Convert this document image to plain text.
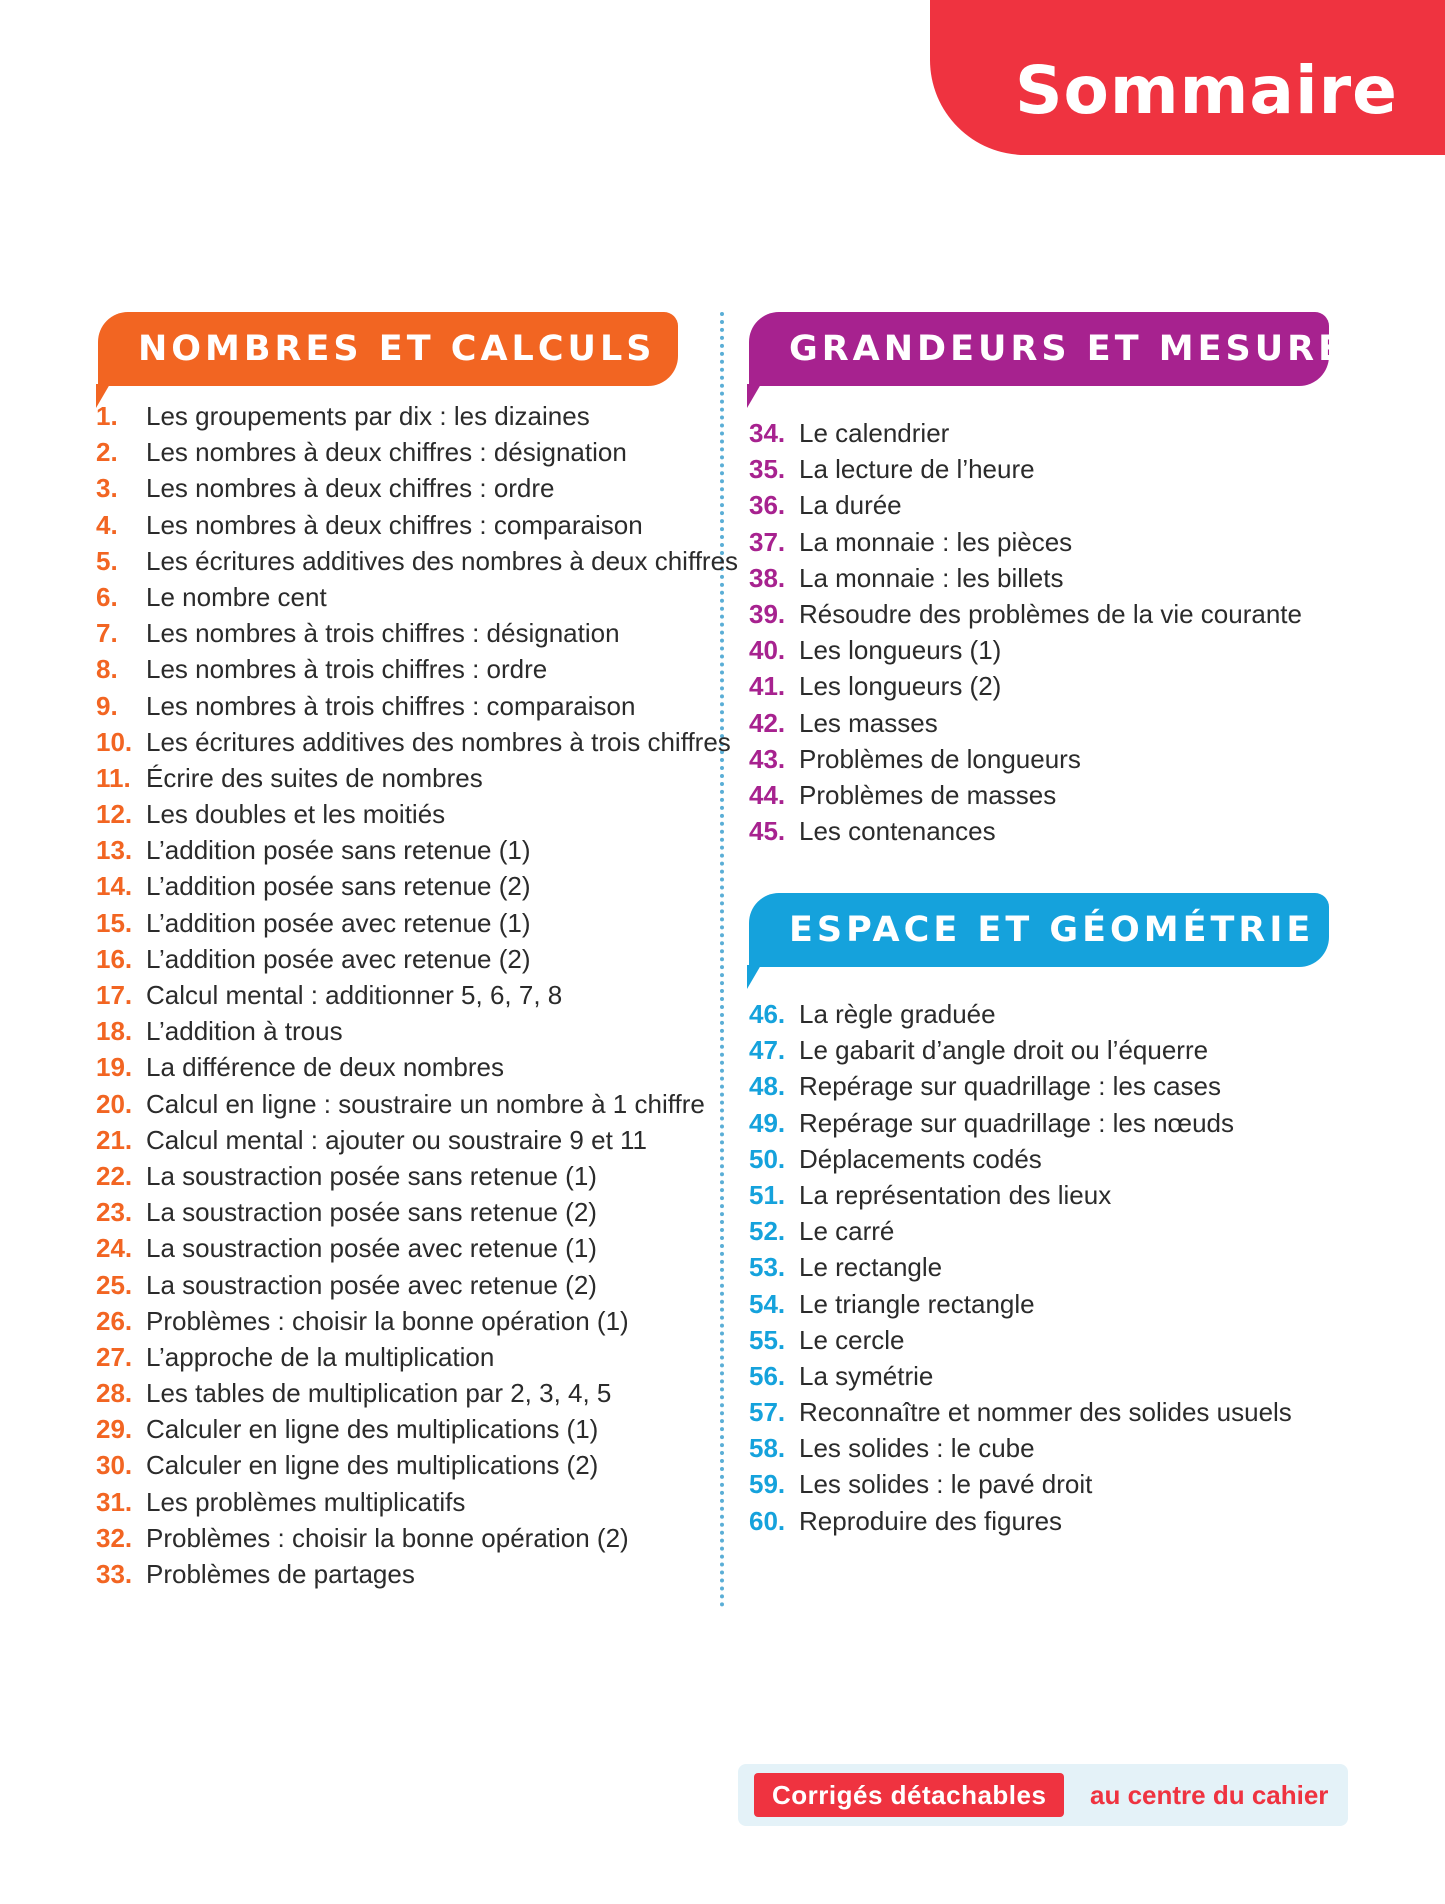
Sommaire
NOMBRES ET CALCULS
1. Les groupements par dix : les dizaines
2. Les nombres à deux chiffres : désignation
3. Les nombres à deux chiffres : ordre
4. Les nombres à deux chiffres : comparaison
5. Les écritures additives des nombres à deux chiffres
6. Le nombre cent
7. Les nombres à trois chiffres : désignation
8. Les nombres à trois chiffres : ordre
9. Les nombres à trois chiffres : comparaison
10. Les écritures additives des nombres à trois chiffres
11. Écrire des suites de nombres
12. Les doubles et les moitiés
13. L’addition posée sans retenue (1)
14. L’addition posée sans retenue (2)
15. L’addition posée avec retenue (1)
16. L’addition posée avec retenue (2)
17. Calcul mental : additionner 5, 6, 7, 8
18. L’addition à trous
19. La différence de deux nombres
20. Calcul en ligne : soustraire un nombre à 1 chiffre
21. Calcul mental : ajouter ou soustraire 9 et 11
22. La soustraction posée sans retenue (1)
23. La soustraction posée sans retenue (2)
24. La soustraction posée avec retenue (1)
25. La soustraction posée avec retenue (2)
26. Problèmes : choisir la bonne opération (1)
27. L’approche de la multiplication
28. Les tables de multiplication par 2, 3, 4, 5
29. Calculer en ligne des multiplications (1)
30. Calculer en ligne des multiplications (2)
31. Les problèmes multiplicatifs
32. Problèmes : choisir la bonne opération (2)
33. Problèmes de partages
GRANDEURS ET MESURES
34. Le calendrier
35. La lecture de l’heure
36. La durée
37. La monnaie : les pièces
38. La monnaie : les billets
39. Résoudre des problèmes de la vie courante
40. Les longueurs (1)
41. Les longueurs (2)
42. Les masses
43. Problèmes de longueurs
44. Problèmes de masses
45. Les contenances
ESPACE ET GÉOMÉTRIE
46. La règle graduée
47. Le gabarit d’angle droit ou l’équerre
48. Repérage sur quadrillage : les cases
49. Repérage sur quadrillage : les nœuds
50. Déplacements codés
51. La représentation des lieux
52. Le carré
53. Le rectangle
54. Le triangle rectangle
55. Le cercle
56. La symétrie
57. Reconnaître et nommer des solides usuels
58. Les solides : le cube
59. Les solides : le pavé droit
60. Reproduire des figures
Corrigés détachables	au centre du cahier
